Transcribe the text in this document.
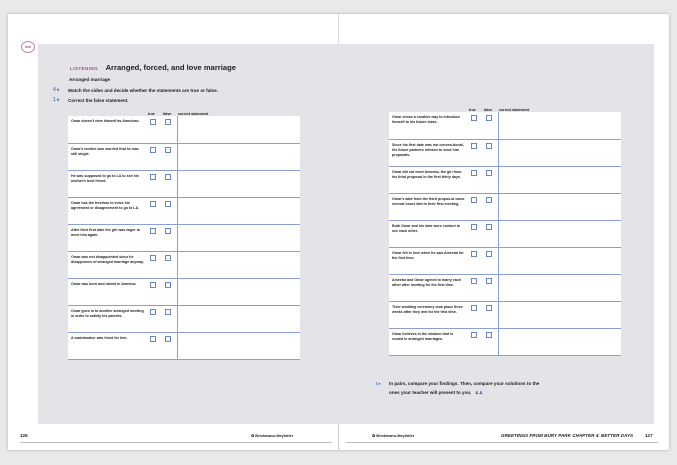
fuo
LISTENING Arranged, forced, and love marriage
Arranged marriage
4 ▸ Watch the video and decide whether the statements are true or false.
1 ▸ Correct the false statement.
	true	false	correct statement
Omar doesn't view himself as American.	

Omar's mother was worried that he was still single.	

He was supposed to go to LA to see his mother's best friend.	

Omar has the freedom to voice his agreement or disagreement to go to LA.	

After their first date the girl was eager to meet him again.	

Omar was not disappointed since he disapproves of arranged marriage anyway.	

Omar was born and raised in America.	

Omar goes in to another arranged meeting in order to satisfy his parents.	

A matchmaker was hired for him.	

	true	false	correct statement
Omar chose a creative way to introduce himself to his future class.	

Since his first date was not conven-tional, his future partners refused to send him proposals.	

Omar did not meet Ameeba, the girl from his third proposal in the first thirty days.	

Omar's date from the third propos-al came several hours late to their first meeting.	

Both Omar and his date were content to see each other.	

Omar fell in love when he saw Ameeba for the first time.	

Ameeba and Omar agreed to marry each other after meeting for the first time.	

Their wedding ceremony took place three weeks after they met for the first time.	

Omar believes in the wisdom that is rooted in arranged marriages.	

I ▸ In pairs, compare your findings. Then, compare your solutions to the ones your teacher will present to you. ♟♟
126	✿ Brinkmann-Meyhöfer	✿ Brinkmann-Meyhöfer	GREETINGS FROM BURY PARK CHAPTER 4: BETTER DAYS	127
